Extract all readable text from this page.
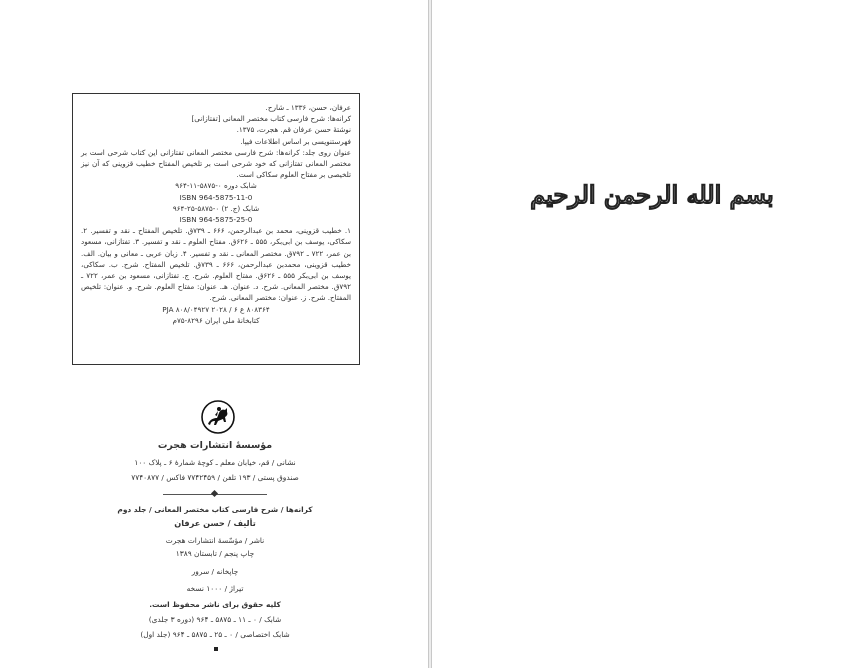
عرفان، حسن، ۱۳۳۶ ـ شارح.

کرانه‌ها: شرح فارسی کتاب مختصر المعانی [تفتازانی]

نوشتهٔ حسن عرفان قم. هجرت، ۱۳۷۵.

فهرستنویسی بر اساس اطلاعات فیپا.

عنوان روی جلد: کرانه‌ها: شرح فارسی مختصر المعانی تفتازانی این کتاب شرحی است بر مختصر المعانی تفتازانی که خود شرحی است بر تلخیص المفتاح خطیب قزوینی که آن نیز تلخیصی بر مفتاح العلوم سکاکی است.

شابک دوره ۰-۵۸۷۵-۱۱-۹۶۴

ISBN 964-5875-11-0

شابک (ج. ۲) ۰-۵۸۷۵-۲۵-۹۶۴

ISBN 964-5875-25-0

۱. خطیب قزوینی، محمد بن عبدالرحمن، ۶۶۶ ـ ۷۳۹ق. تلخیص المفتاح ـ نقد و تفسیر. ۲. سکاکی، یوسف بن ابی‌بکر، ۵۵۵ ـ ۶۲۶ق. مفتاح العلوم ـ نقد و تفسیر. ۳. تفتازانی، مسعود بن عمر، ۷۲۲ ـ ۷۹۲ق. مختصر المعانی ـ نقد و تفسیر. ۴. زبان عربی ـ معانی و بیان. الف. خطیب قزوینی، محمدبن عبدالرحمن، ۶۶۶ ـ ۷۳۹ق. تلخیص المفتاح. شرح. ب. سکاکی، یوسف بن ابی‌بکر ۵۵۵ ـ ۶۲۶ق. مفتاح العلوم. شرح. ج. تفتازانی، مسعود بن عمر، ۷۲۲ ـ ۷۹۲ق. مختصر المعانی. شرح. د. عنوان. هـ. عنوان: مفتاح العلوم. شرح. و. عنوان: تلخیص المفتاح. شرح. ز. عنوان: مختصر المعانی. شرح.

۸۰۸۳۶۴ ع ۶ / ۲۰۲۸ PJA ۸۰۸/۰۴۹۲۷

کتابخانهٔ ملی ایران ۸۲۹۶-۷۵م

مؤسسهٔ انتشارات هجرت
نشانی / قم، خیابان معلم ـ کوچهٔ شمارهٔ ۶ ـ پلاک ۱۰۰
صندوق پستی / ۱۹۳ تلفن / ۷۷۴۲۴۵۹ فاکس / ۷۷۴۰۸۷۷
کرانه‌ها / شرح فارسی کتاب مختصر المعانی / جلد دوم
تألیف / حسن عرفان
ناشر / مؤسّسهٔ انتشارات هجرت
چاپ پنجم / تابستان ۱۳۸۹
چاپخانه / سرور
تیراژ / ۱۰۰۰ نسخه
کلیه حقوق برای ناشر محفوظ است.
شابک / ۰ ـ ۱۱ ـ ۵۸۷۵ ـ ۹۶۴ (دوره ۳ جلدی)
شابک اختصاصی / ۰ ـ ۲۵ ـ ۵۸۷۵ ـ ۹۶۴ (جلد اول)
بسم الله الرحمن الرحیم
